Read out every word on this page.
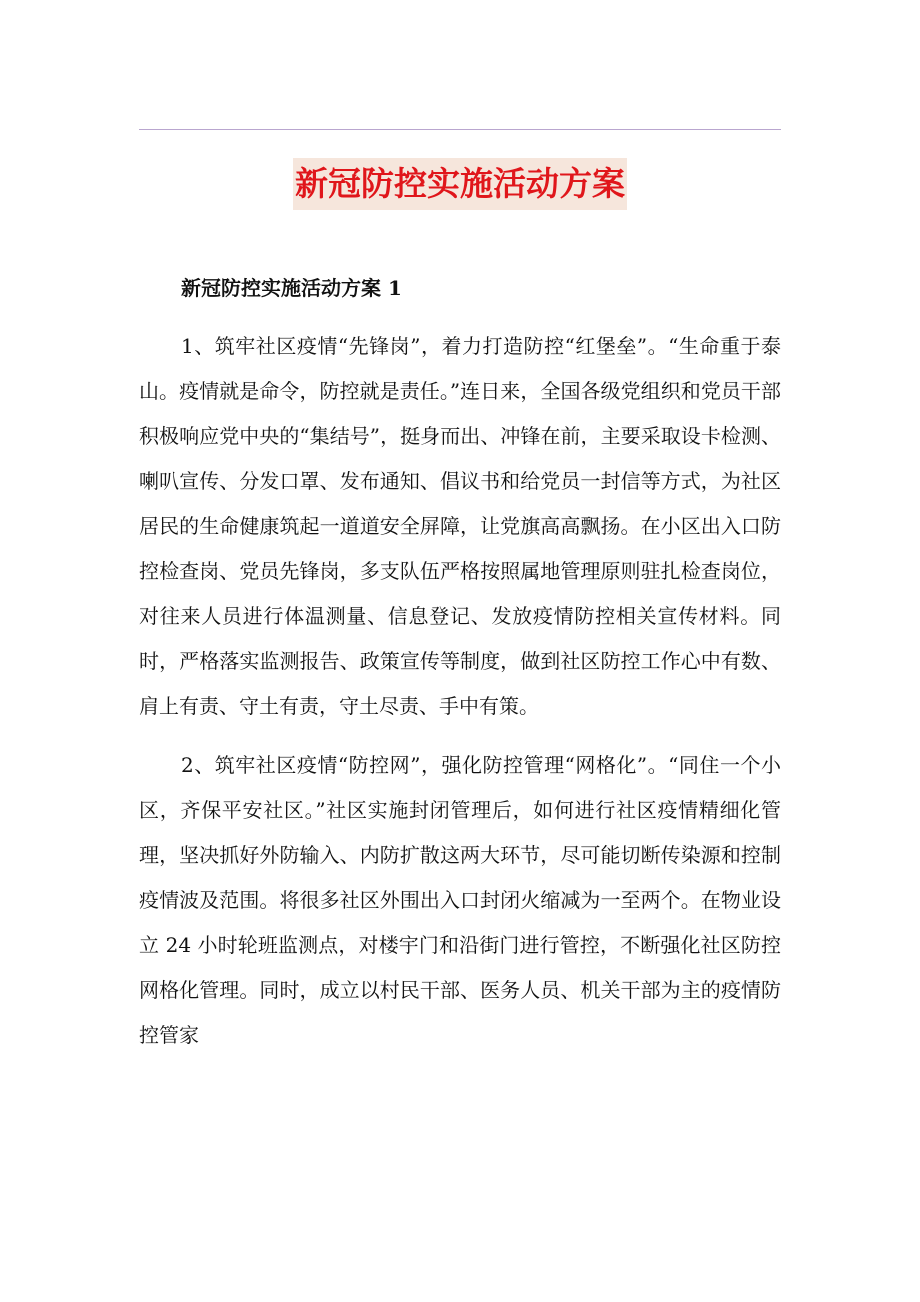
新冠防控实施活动方案

新冠防控实施活动方案 1

1、筑牢社区疫情“先锋岗”，着力打造防控“红堡垒”。“生命重于泰山。疫情就是命令，防控就是责任。”连日来，全国各级党组织和党员干部积极响应党中央的“集结号”，挺身而出、冲锋在前，主要采取设卡检测、喇叭宣传、分发口罩、发布通知、倡议书和给党员一封信等方式，为社区居民的生命健康筑起一道道安全屏障，让党旗高高飘扬。在小区出入口防控检查岗、党员先锋岗，多支队伍严格按照属地管理原则驻扎检查岗位，对往来人员进行体温测量、信息登记、发放疫情防控相关宣传材料。同时，严格落实监测报告、政策宣传等制度，做到社区防控工作心中有数、肩上有责、守土有责，守土尽责、手中有策。

2、筑牢社区疫情“防控网”，强化防控管理“网格化”。“同住一个小区，齐保平安社区。”社区实施封闭管理后，如何进行社区疫情精细化管理，坚决抓好外防输入、内防扩散这两大环节，尽可能切断传染源和控制疫情波及范围。将很多社区外围出入口封闭火缩减为一至两个。在物业设立 24 小时轮班监测点，对楼宇门和沿街门进行管控，不断强化社区防控网格化管理。同时，成立以村民干部、医务人员、机关干部为主的疫情防控管家
